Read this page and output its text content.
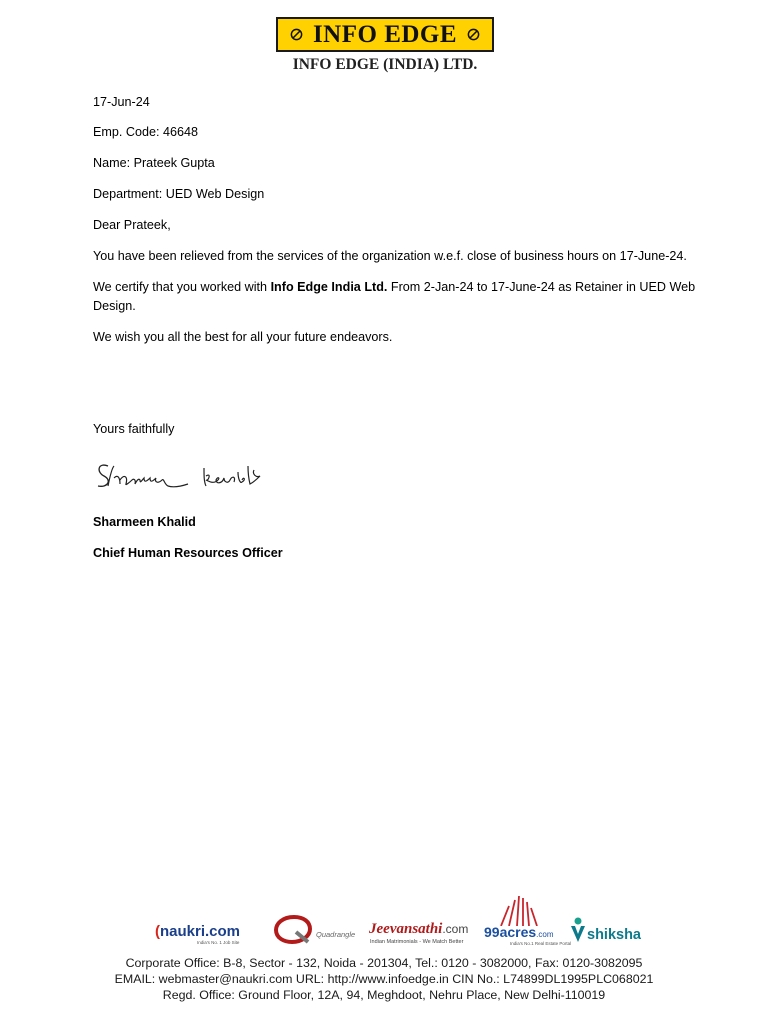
INFO EDGE
INFO EDGE (INDIA) LTD.
17-Jun-24
Emp. Code: 46648
Name: Prateek Gupta
Department: UED Web Design
Dear Prateek,
You have been relieved from the services of the organization w.e.f. close of business hours on 17-June-24.
We certify that you worked with Info Edge India Ltd. From 2-Jan-24 to 17-June-24 as Retainer in UED Web Design.
We wish you all the best for all your future endeavors.
Yours faithfully
Sharmeen Khalid
Chief Human Resources Officer
(naukri.com
India's No. 1 Job Site
Quadrangle Jeevansathi.com
Indian Matrimonials - We Match Better
99acres.com
India's No.1 Real Estate Portal
shiksha
Corporate Office: B-8, Sector - 132, Noida - 201304, Tel.: 0120 - 3082000, Fax: 0120-3082095
EMAIL: webmaster@naukri.com URL: http://www.infoedge.in CIN No.: L74899DL1995PLC068021
Regd. Office: Ground Floor, 12A, 94, Meghdoot, Nehru Place, New Delhi-110019
